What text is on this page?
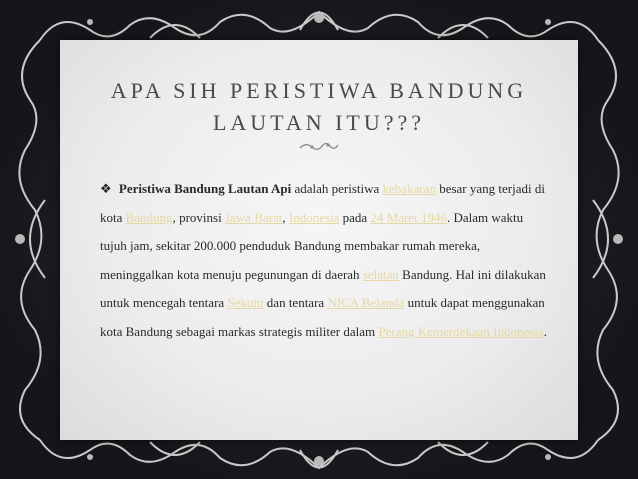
APA SIH PERISTIWA BANDUNG
LAUTAN ITU???

❖ Peristiwa Bandung Lautan Api adalah peristiwa kebakaran besar yang terjadi di kota Bandung, provinsi Jawa Barat, Indonesia pada 24 Maret 1946. Dalam waktu tujuh jam, sekitar 200.000 penduduk Bandung membakar rumah mereka, meninggalkan kota menuju pegunungan di daerah selatan Bandung. Hal ini dilakukan untuk mencegah tentara Sekutu dan tentara NICA Belanda untuk dapat menggunakan kota Bandung sebagai markas strategis militer dalam Perang Kemerdekaan Indonesia.
